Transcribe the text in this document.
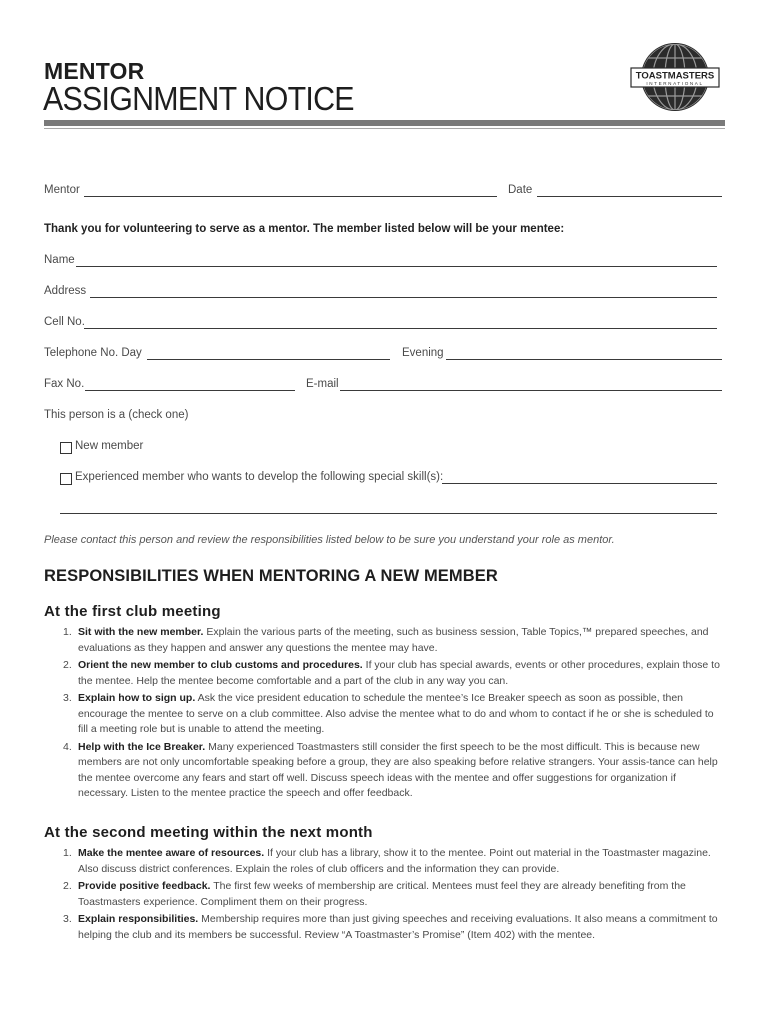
MENTOR
ASSIGNMENT NOTICE
TOASTMASTERS
INTERNATIONAL
Mentor	Date
Thank you for volunteering to serve as a mentor. The member listed below will be your mentee:
Name
Address
Cell No.
Telephone No. Day	Evening
Fax No.	E-mail
This person is a (check one)
New member
Experienced member who wants to develop the following special skill(s):
Please contact this person and review the responsibilities listed below to be sure you understand your role as mentor.
RESPONSIBILITIES WHEN MENTORING A NEW MEMBER
At the first club meeting
1. Sit with the new member. Explain the various parts of the meeting, such as business session, Table Topics,™ prepared speeches, and evaluations as they happen and answer any questions the mentee may have.
2. Orient the new member to club customs and procedures. If your club has special awards, events or other procedures, explain those to the mentee. Help the mentee become comfortable and a part of the club in any way you can.
3. Explain how to sign up. Ask the vice president education to schedule the mentee’s Ice Breaker speech as soon as possible, then encourage the mentee to serve on a club committee. Also advise the mentee what to do and whom to contact if he or she is scheduled to fill a meeting role but is unable to attend the meeting.
4. Help with the Ice Breaker. Many experienced Toastmasters still consider the first speech to be the most difficult. This is because new members are not only uncomfortable speaking before a group, they are also speaking before relative strangers. Your assis-tance can help the mentee overcome any fears and start off well. Discuss speech ideas with the mentee and offer suggestions for organization if necessary. Listen to the mentee practice the speech and offer feedback.
At the second meeting within the next month
1. Make the mentee aware of resources. If your club has a library, show it to the mentee. Point out material in the Toastmaster magazine. Also discuss district conferences. Explain the roles of club officers and the information they can provide.
2. Provide positive feedback. The first few weeks of membership are critical. Mentees must feel they are already benefiting from the Toastmasters experience. Compliment them on their progress.
3. Explain responsibilities. Membership requires more than just giving speeches and receiving evaluations. It also means a commitment to helping the club and its members be successful. Review “A Toastmaster’s Promise” (Item 402) with the mentee.
